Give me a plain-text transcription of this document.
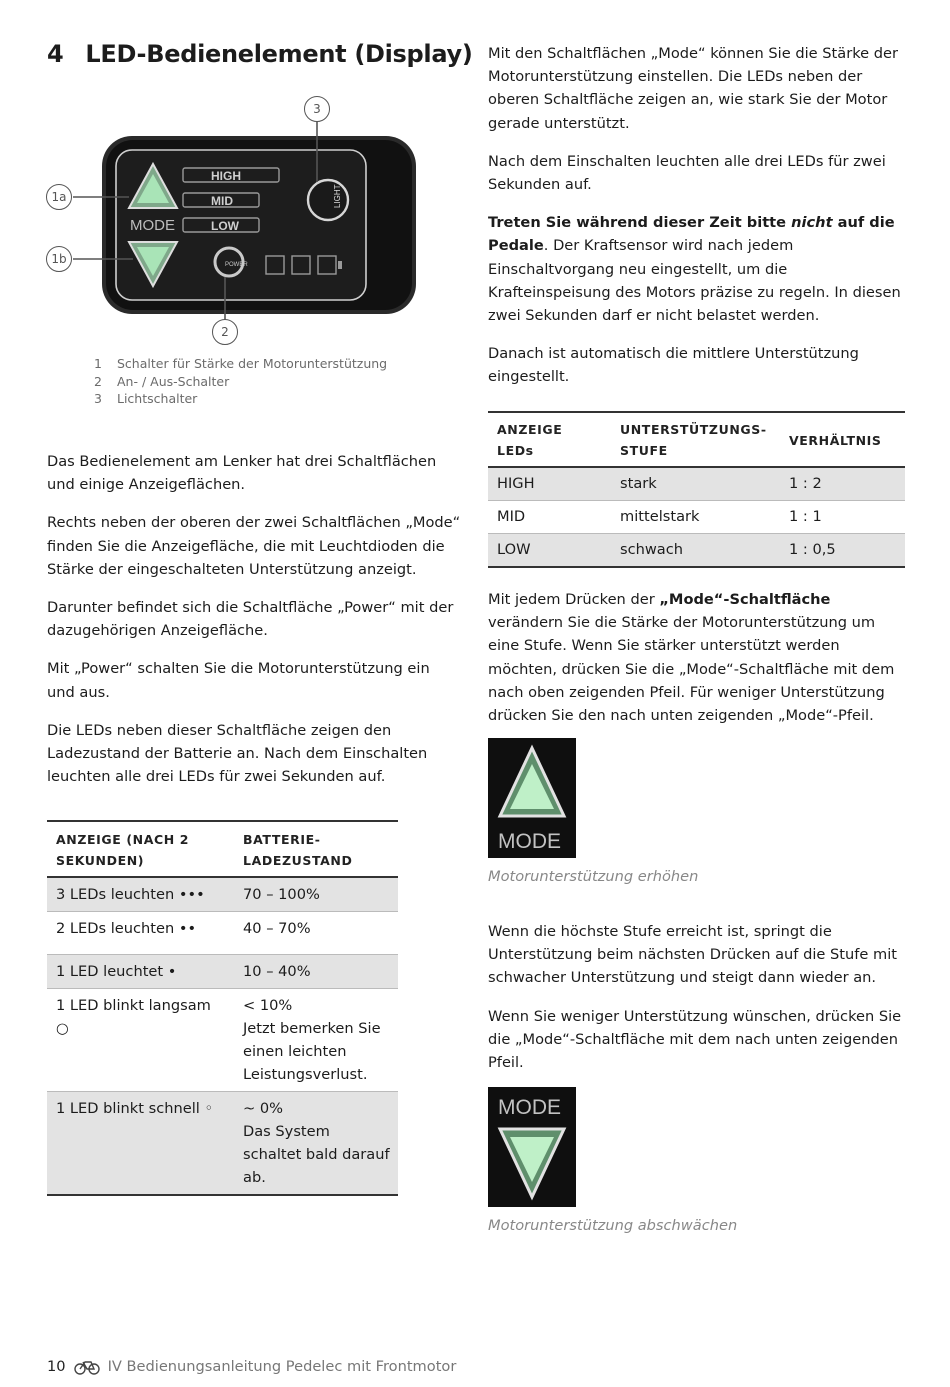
4 LED-Bedienelement (Display)
MODE
HIGH
MID
LOW
POWER
LIGHT
3
1a
1b
2
1	Schalter für Stärke der Motorunterstützung
2	An- / Aus-Schalter
3	Lichtschalter

Das Bedienelement am Lenker hat drei Schaltflächen und einige Anzeigeflächen.

Rechts neben der oberen der zwei Schaltflächen „Mode“ finden Sie die Anzeigefläche, die mit Leuchtdioden die Stärke der eingeschalteten Unterstützung anzeigt.

Darunter befindet sich die Schaltfläche „Power“ mit der dazugehörigen Anzeigefläche.

Mit „Power“ schalten Sie die Motorunterstützung ein und aus.

Die LEDs neben dieser Schaltfläche zeigen den Ladezustand der Batterie an. Nach dem Einschalten leuchten alle drei LEDs für zwei Sekunden auf.

ANZEIGE (NACH 2 SEKUNDEN)	BATTERIE-LADEZUSTAND
3 LEDs leuchten •••	70 – 100%
2 LEDs leuchten ••	40 – 70%
1 LED leuchtet •	10 – 40%
1 LED blinkt langsam ○	< 10%
Jetzt bemerken Sie einen leichten Leistungsverlust.

1 LED blinkt schnell ◦	~ 0%
Das System schaltet bald darauf ab.

Mit den Schaltflächen „Mode“ können Sie die Stärke der Motorunterstützung einstellen. Die LEDs neben der oberen Schaltfläche zeigen an, wie stark Sie der Motor gerade unterstützt.

Nach dem Einschalten leuchten alle drei LEDs für zwei Sekunden auf.

Treten Sie während dieser Zeit bitte nicht auf die Pedale. Der Kraftsensor wird nach jedem Einschaltvorgang neu eingestellt, um die Krafteinspeisung des Motors präzise zu regeln. In diesen zwei Sekunden darf er nicht belastet werden.

Danach ist automatisch die mittlere Unterstützung eingestellt.

ANZEIGE LEDs	UNTERSTÜTZUNGS-STUFE	VERHÄLTNIS
HIGH	stark	1 : 2
MID	mittelstark	1 : 1
LOW	schwach	1 : 0,5

Mit jedem Drücken der „Mode“-Schaltfläche verändern Sie die Stärke der Motorunterstützung um eine Stufe. Wenn Sie stärker unterstützt werden möchten, drücken Sie die „Mode“-Schaltfläche mit dem nach oben zeigenden Pfeil. Für weniger Unterstützung drücken Sie den nach unten zeigenden „Mode“-Pfeil.

MODE
Motorunterstützung erhöhen

Wenn die höchste Stufe erreicht ist, springt die Unterstützung beim nächsten Drücken auf die Stufe mit schwacher Unterstützung und steigt dann wieder an.

Wenn Sie weniger Unterstützung wünschen, drücken Sie die „Mode“-Schaltfläche mit dem nach unten zeigenden Pfeil.

MODE
Motorunterstützung abschwächen
10	IV Bedienungsanleitung Pedelec mit Frontmotor
